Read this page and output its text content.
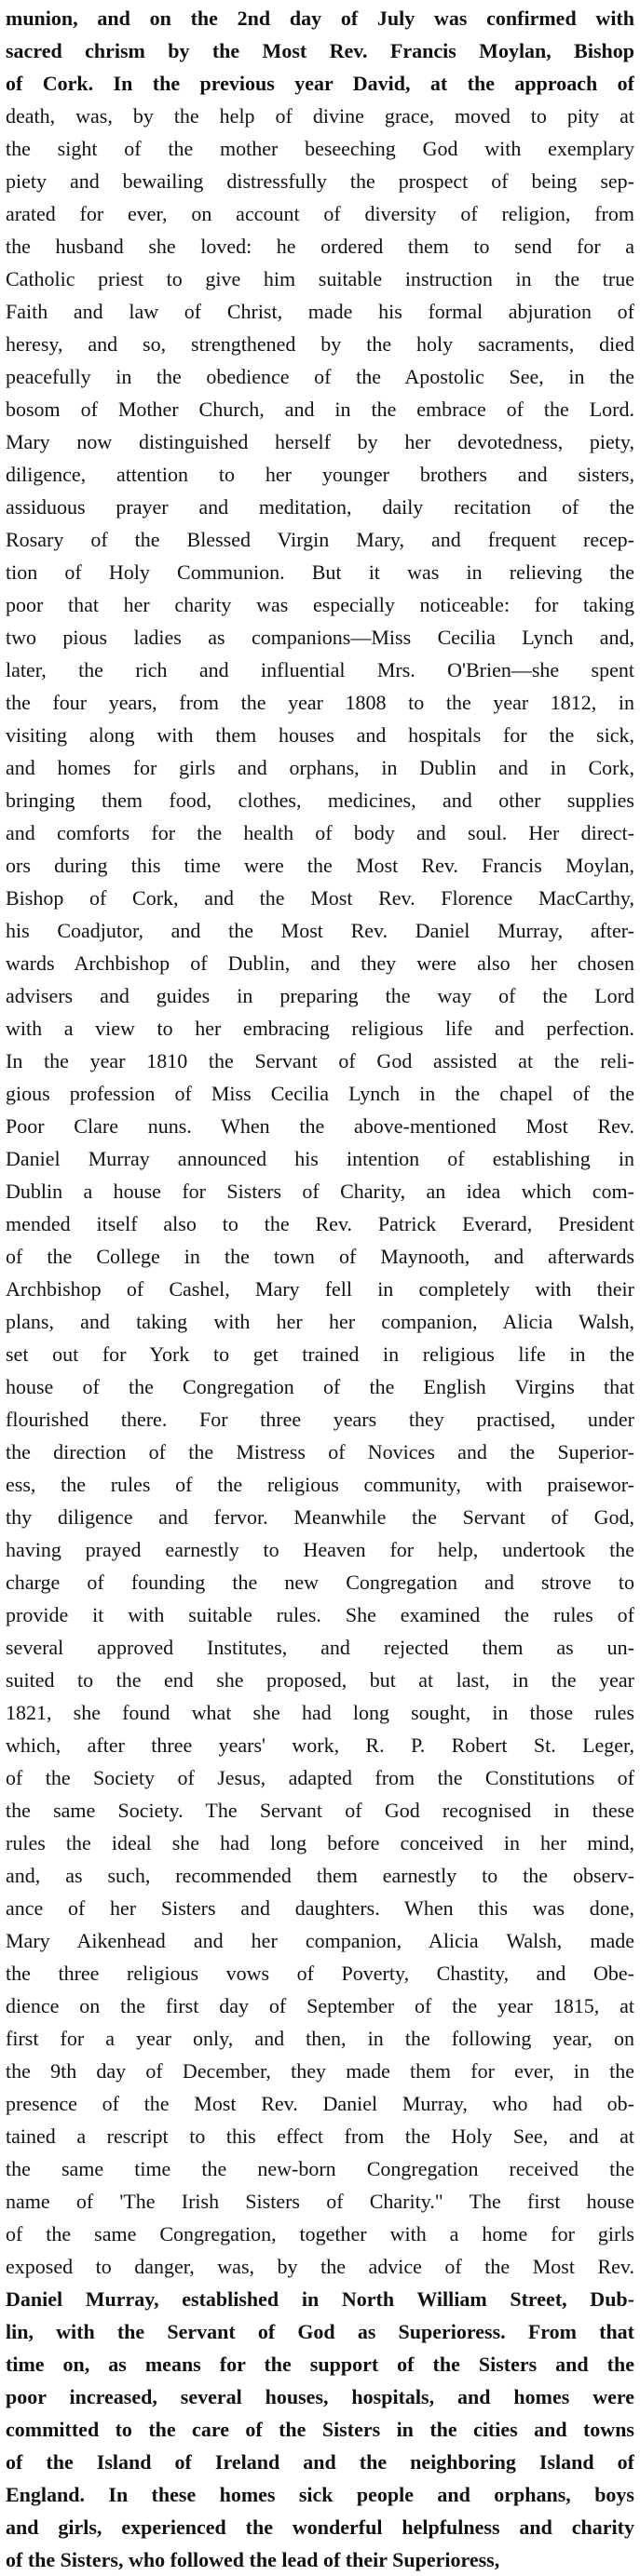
munion, and on the 2nd day of July was confirmed with
sacred chrism by the Most Rev. Francis Moylan, Bishop
of Cork. In the previous year David, at the approach of
death, was, by the help of divine grace, moved to pity at
the sight of the mother beseeching God with exemplary
piety and bewailing distressfully the prospect of being sep-
arated for ever, on account of diversity of religion, from
the husband she loved: he ordered them to send for a
Catholic priest to give him suitable instruction in the true
Faith and law of Christ, made his formal abjuration of
heresy, and so, strengthened by the holy sacraments, died
peacefully in the obedience of the Apostolic See, in the
bosom of Mother Church, and in the embrace of the Lord.
Mary now distinguished herself by her devotedness, piety,
diligence, attention to her younger brothers and sisters,
assiduous prayer and meditation, daily recitation of the
Rosary of the Blessed Virgin Mary, and frequent recep-
tion of Holy Communion. But it was in relieving the
poor that her charity was especially noticeable: for taking
two pious ladies as companions—Miss Cecilia Lynch and,
later, the rich and influential Mrs. O'Brien—she spent
the four years, from the year 1808 to the year 1812, in
visiting along with them houses and hospitals for the sick,
and homes for girls and orphans, in Dublin and in Cork,
bringing them food, clothes, medicines, and other supplies
and comforts for the health of body and soul. Her direct-
ors during this time were the Most Rev. Francis Moylan,
Bishop of Cork, and the Most Rev. Florence MacCarthy,
his Coadjutor, and the Most Rev. Daniel Murray, after-
wards Archbishop of Dublin, and they were also her chosen
advisers and guides in preparing the way of the Lord
with a view to her embracing religious life and perfection.
In the year 1810 the Servant of God assisted at the reli-
gious profession of Miss Cecilia Lynch in the chapel of the
Poor Clare nuns. When the above-mentioned Most Rev.
Daniel Murray announced his intention of establishing in
Dublin a house for Sisters of Charity, an idea which com-
mended itself also to the Rev. Patrick Everard, President
of the College in the town of Maynooth, and afterwards
Archbishop of Cashel, Mary fell in completely with their
plans, and taking with her her companion, Alicia Walsh,
set out for York to get trained in religious life in the
house of the Congregation of the English Virgins that
flourished there. For three years they practised, under
the direction of the Mistress of Novices and the Superior-
ess, the rules of the religious community, with praisewor-
thy diligence and fervor. Meanwhile the Servant of God,
having prayed earnestly to Heaven for help, undertook the
charge of founding the new Congregation and strove to
provide it with suitable rules. She examined the rules of
several approved Institutes, and rejected them as un-
suited to the end she proposed, but at last, in the year
1821, she found what she had long sought, in those rules
which, after three years' work, R. P. Robert St. Leger,
of the Society of Jesus, adapted from the Constitutions of
the same Society. The Servant of God recognised in these
rules the ideal she had long before conceived in her mind,
and, as such, recommended them earnestly to the observ-
ance of her Sisters and daughters. When this was done,
Mary Aikenhead and her companion, Alicia Walsh, made
the three religious vows of Poverty, Chastity, and Obe-
dience on the first day of September of the year 1815, at
first for a year only, and then, in the following year, on
the 9th day of December, they made them for ever, in the
presence of the Most Rev. Daniel Murray, who had ob-
tained a rescript to this effect from the Holy See, and at
the same time the new-born Congregation received the
name of 'The Irish Sisters of Charity." The first house
of the same Congregation, together with a home for girls
exposed to danger, was, by the advice of the Most Rev.
Daniel Murray, established in North William Street, Dub-
lin, with the Servant of God as Superioress. From that
time on, as means for the support of the Sisters and the
poor increased, several houses, hospitals, and homes were
committed to the care of the Sisters in the cities and towns
of the Island of Ireland and the neighboring Island of
England. In these homes sick people and orphans, boys
and girls, experienced the wonderful helpfulness and charity
of the Sisters, who followed the lead of their Superioress,
